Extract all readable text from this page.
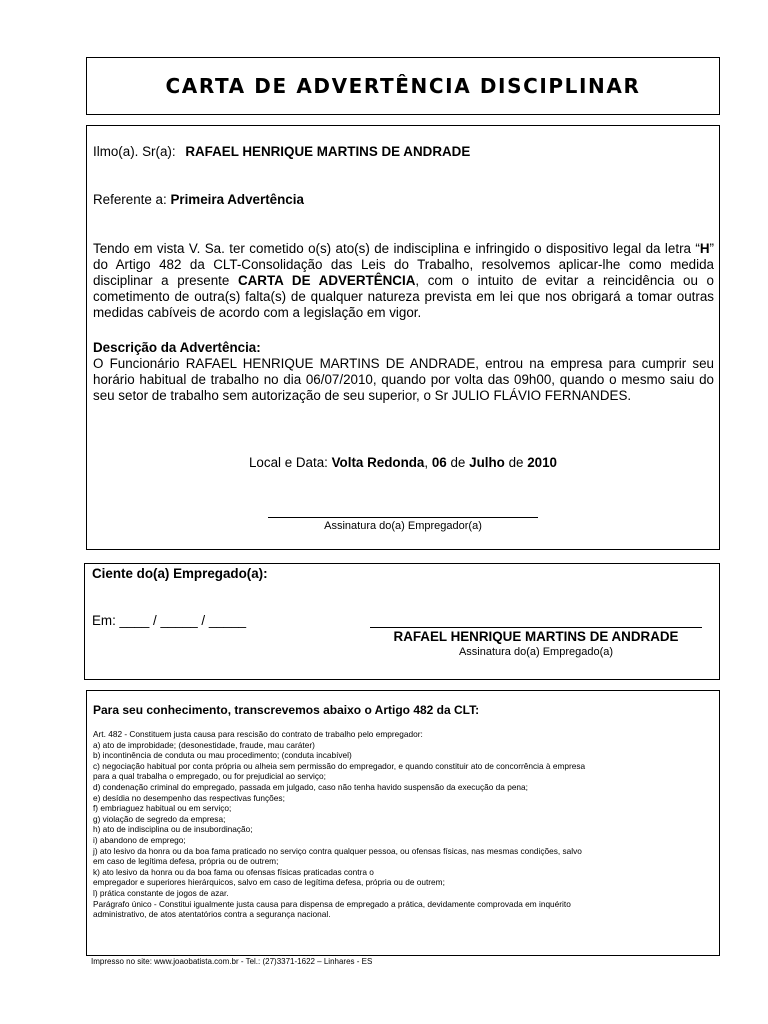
CARTA DE ADVERTÊNCIA DISCIPLINAR
Ilmo(a). Sr(a): RAFAEL HENRIQUE MARTINS DE ANDRADE
Referente a: Primeira Advertência
Tendo em vista V. Sa. ter cometido o(s) ato(s) de indisciplina e infringido o dispositivo legal da letra “H” do Artigo 482 da CLT-Consolidação das Leis do Trabalho, resolvemos aplicar-lhe como medida disciplinar a presente CARTA DE ADVERTÊNCIA, com o intuito de evitar a reincidência ou o cometimento de outra(s) falta(s) de qualquer natureza prevista em lei que nos obrigará a tomar outras medidas cabíveis de acordo com a legislação em vigor.
Descrição da Advertência:
O Funcionário RAFAEL HENRIQUE MARTINS DE ANDRADE, entrou na empresa para cumprir seu horário habitual de trabalho no dia 06/07/2010, quando por volta das 09h00, quando o mesmo saiu do seu setor de trabalho sem autorização de seu superior, o Sr JULIO FLÁVIO FERNANDES.
Local e Data: Volta Redonda, 06 de Julho de 2010
Assinatura do(a) Empregador(a)
Ciente do(a) Empregado(a):
Em: ____ / _____ / _____
RAFAEL HENRIQUE MARTINS DE ANDRADE
Assinatura do(a) Empregado(a)
Para seu conhecimento, transcrevemos abaixo o Artigo 482 da CLT:
Art. 482 - Constituem justa causa para rescisão do contrato de trabalho pelo empregador:
a) ato de improbidade; (desonestidade, fraude, mau caráter)
b) incontinência de conduta ou mau procedimento; (conduta incabível)
c) negociação habitual por conta própria ou alheia sem permissão do empregador, e quando constituir ato de concorrência à empresa
para a qual trabalha o empregado, ou for prejudicial ao serviço;
d) condenação criminal do empregado, passada em julgado, caso não tenha havido suspensão da execução da pena;
e) desídia no desempenho das respectivas funções;
f) embriaguez habitual ou em serviço;
g) violação de segredo da empresa;
h) ato de indisciplina ou de insubordinação;
i) abandono de emprego;
j) ato lesivo da honra ou da boa fama praticado no serviço contra qualquer pessoa, ou ofensas físicas, nas mesmas condições, salvo
em caso de legítima defesa, própria ou de outrem;
k) ato lesivo da honra ou da boa fama ou ofensas físicas praticadas contra o
empregador e superiores hierárquicos, salvo em caso de legítima defesa, própria ou de outrem;
l) prática constante de jogos de azar.
Parágrafo único - Constitui igualmente justa causa para dispensa de empregado a prática, devidamente comprovada em inquérito
administrativo, de atos atentatórios contra a segurança nacional.
Impresso no site: www.joaobatista.com.br - Tel.: (27)3371-1622 – Linhares - ES
